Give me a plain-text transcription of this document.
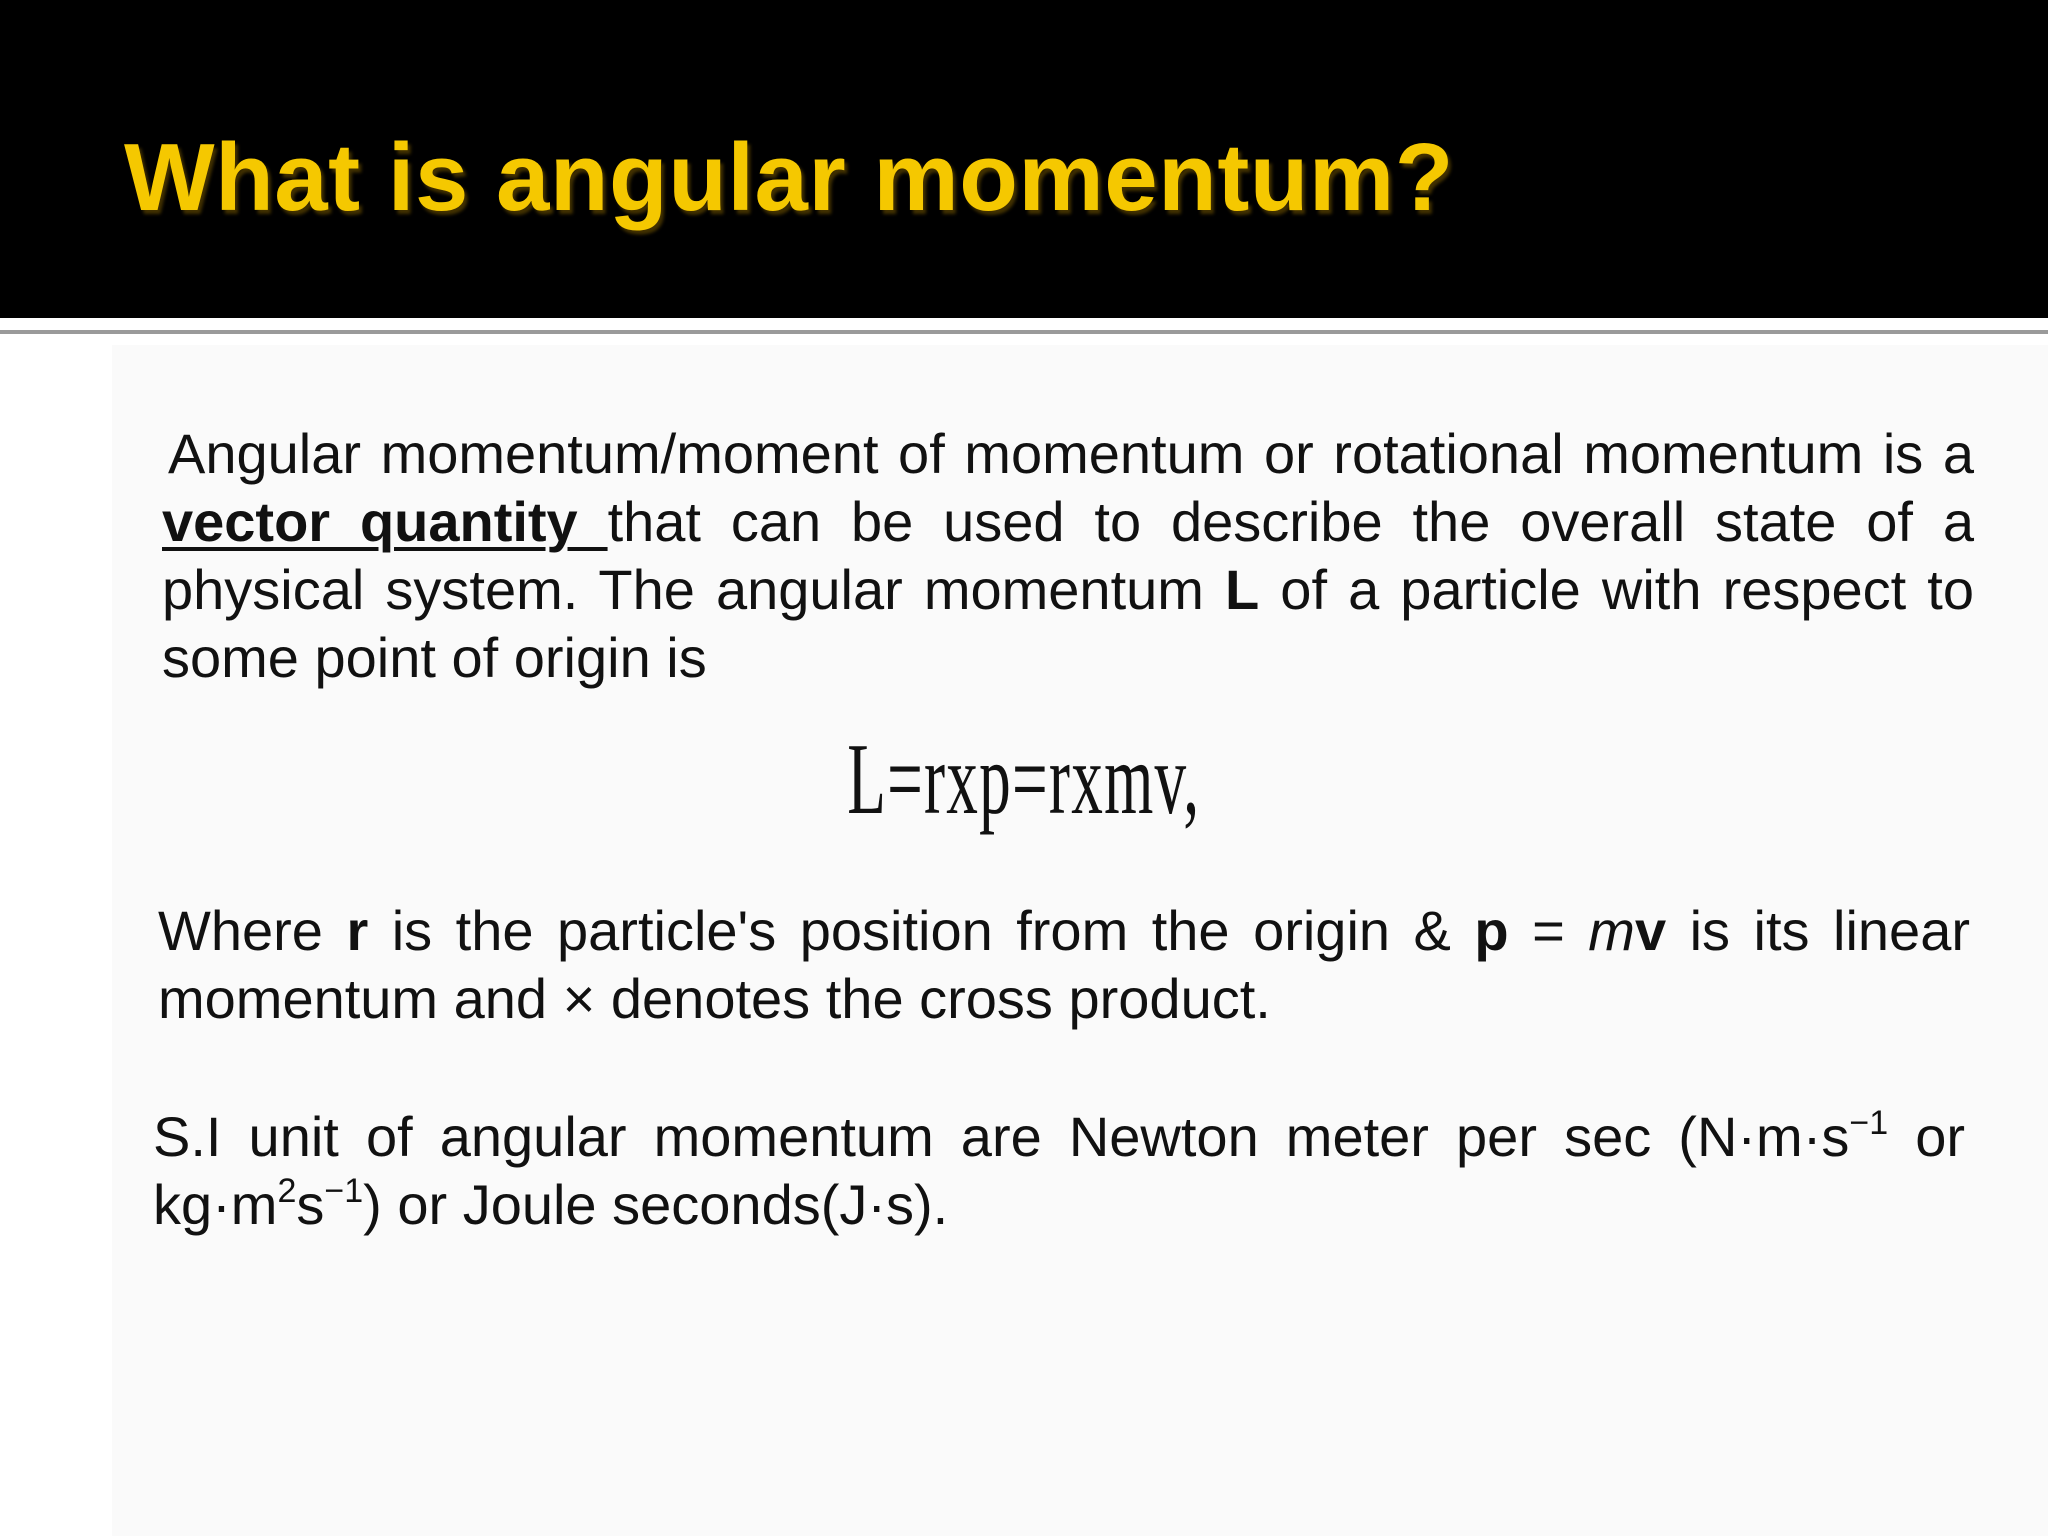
What is angular momentum?

Angular momentum/moment of momentum or rotational momentum is a vector quantity that can be used to describe the overall state of a physical system. The angular momentum L of a particle with respect to some point of origin is

L=rxp=rxmv,

Where r is the particle's position from the origin & p = mv is its linear momentum and × denotes the cross product.

S.I unit of angular momentum are Newton meter per $\sec (N\cdot m\cdot s^{-1}$ or $kg\cdot m^2s^{-1}$) or Joule seconds(J·s).
